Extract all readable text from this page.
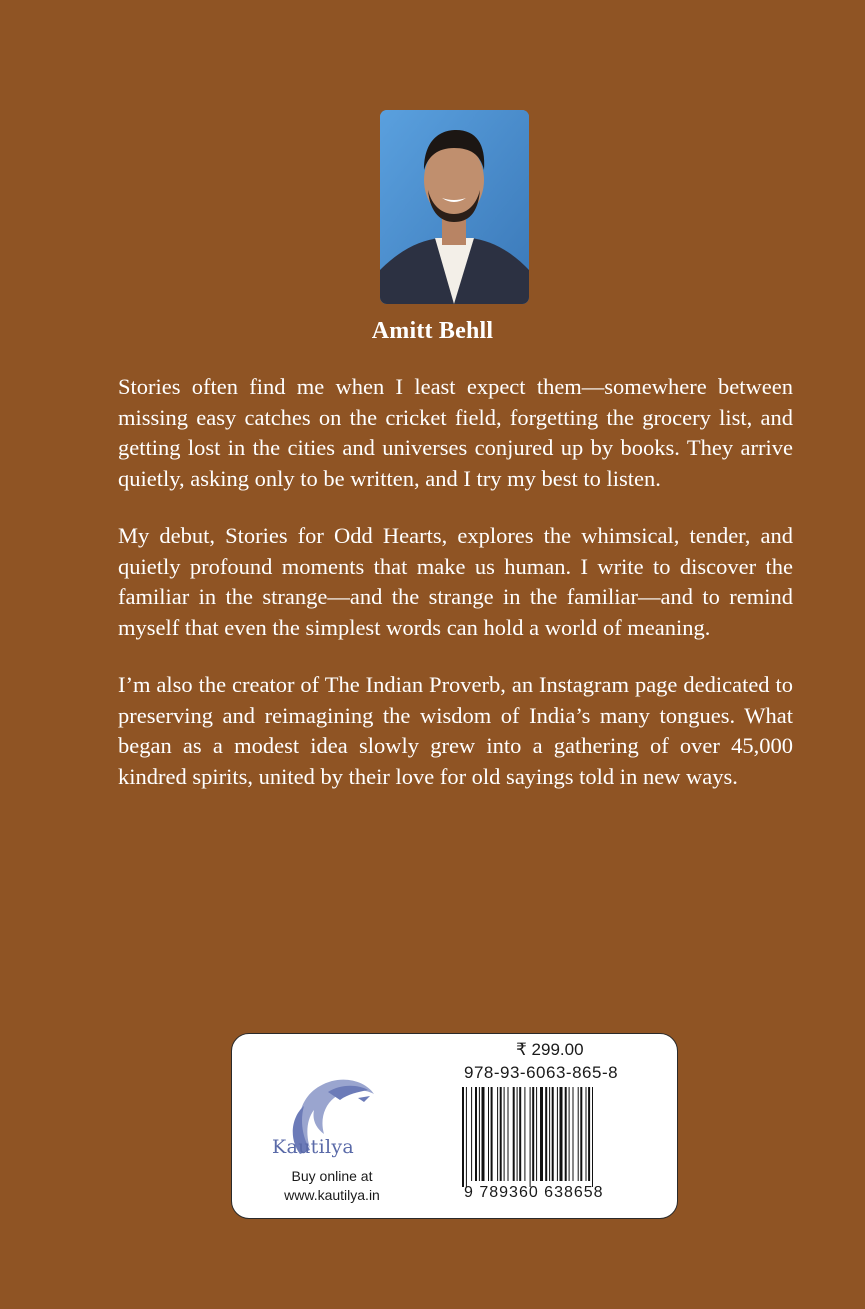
Amitt Behll

Stories often find me when I least expect them—somewhere between missing easy catches on the cricket field, forgetting the grocery list, and getting lost in the cities and universes conjured up by books. They arrive quietly, asking only to be written, and I try my best to listen.

My debut, Stories for Odd Hearts, explores the whimsical, tender, and quietly profound moments that make us human. I write to discover the familiar in the strange—and the strange in the familiar—and to remind myself that even the simplest words can hold a world of meaning.

I’m also the creator of The Indian Proverb, an Instagram page dedicated to preserving and reimagining the wisdom of India’s many tongues. What began as a modest idea slowly grew into a gathering of over 45,000 kindred spirits, united by their love for old sayings told in new ways.

Kautilya
Buy online at
www.kautilya.in
₹ 299.00
978-93-6063-865-8
9 789360 638658
